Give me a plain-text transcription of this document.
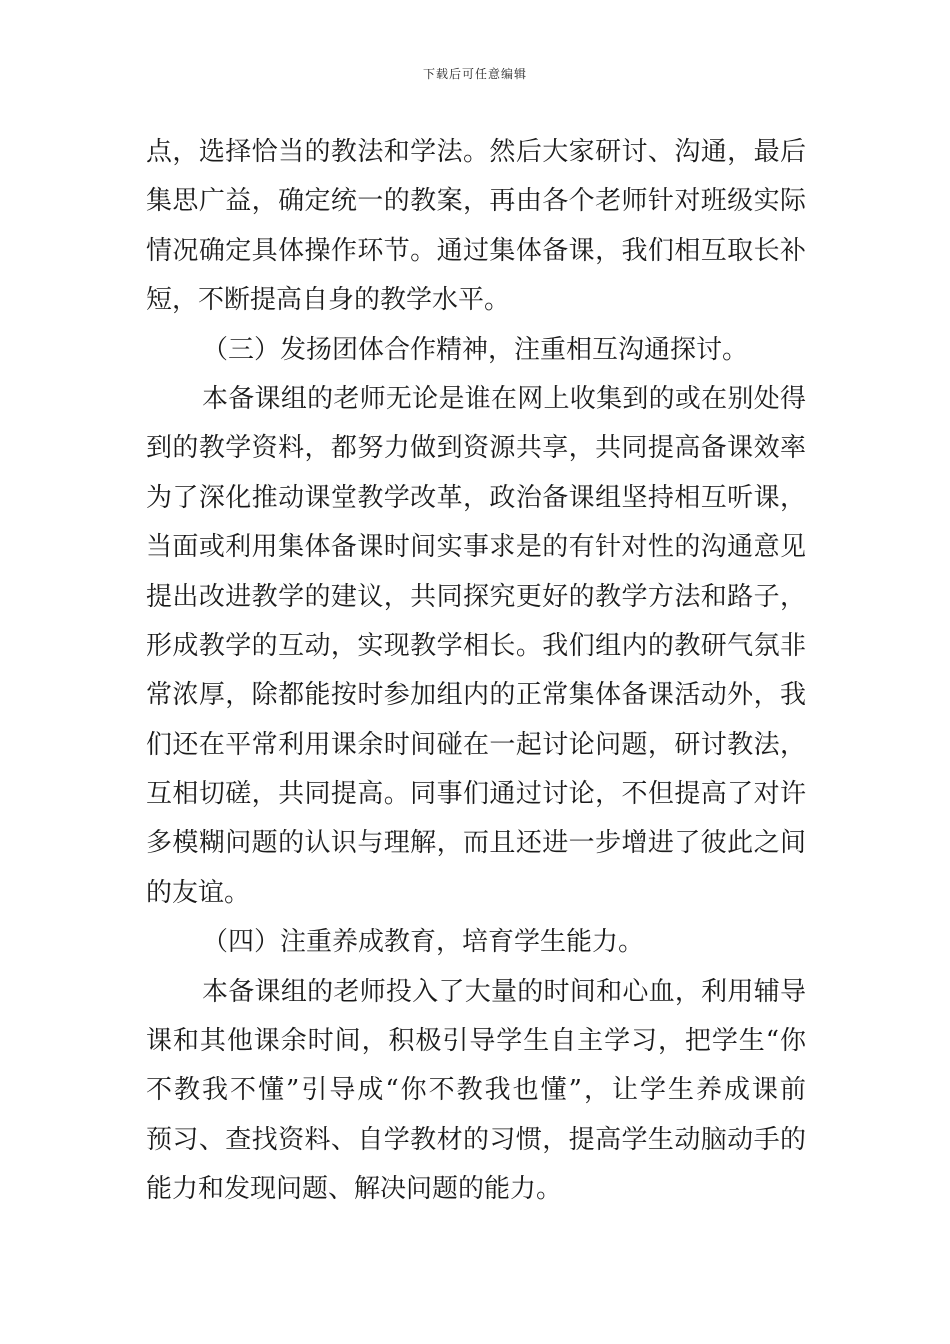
下载后可任意编辑
点，选择恰当的教法和学法。然后大家研讨、沟通，最后
集思广益，确定统一的教案，再由各个老师针对班级实际
情况确定具体操作环节。通过集体备课，我们相互取长补
短，不断提高自身的教学水平。
（三）发扬团体合作精神，注重相互沟通探讨。
本备课组的老师无论是谁在网上收集到的或在别处得
到的教学资料，都努力做到资源共享，共同提高备课效率
为了深化推动课堂教学改革，政治备课组坚持相互听课，
当面或利用集体备课时间实事求是的有针对性的沟通意见
提出改进教学的建议，共同探究更好的教学方法和路子，
形成教学的互动，实现教学相长。我们组内的教研气氛非
常浓厚，除都能按时参加组内的正常集体备课活动外，我
们还在平常利用课余时间碰在一起讨论问题，研讨教法，
互相切磋，共同提高。同事们通过讨论，不但提高了对许
多模糊问题的认识与理解，而且还进一步增进了彼此之间
的友谊。
（四）注重养成教育，培育学生能力。
本备课组的老师投入了大量的时间和心血，利用辅导
课和其他课余时间，积极引导学生自主学习，把学生“你
不教我不懂”引导成“你不教我也懂”，让学生养成课前
预习、查找资料、自学教材的习惯，提高学生动脑动手的
能力和发现问题、解决问题的能力。
